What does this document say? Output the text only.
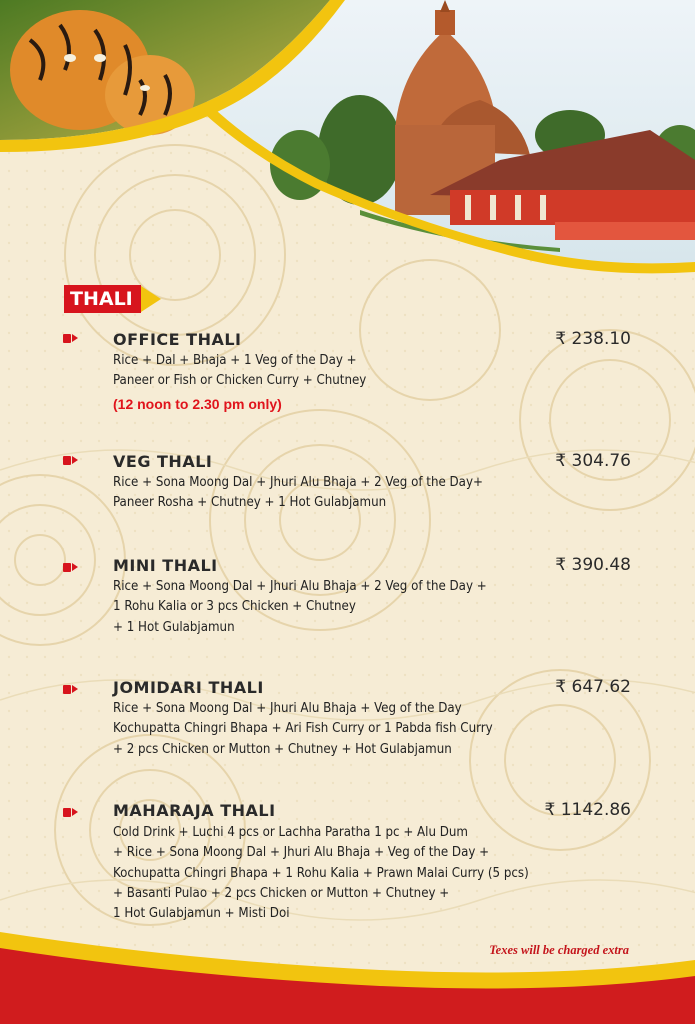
THALI
OFFICE THALI	₹ 238.10
Rice + Dal + Bhaja + 1 Veg of the Day +
Paneer or Fish or Chicken Curry + Chutney
(12 noon to 2.30 pm only)
VEG THALI	₹ 304.76
Rice + Sona Moong Dal + Jhuri Alu Bhaja + 2 Veg of the Day+
Paneer Rosha + Chutney + 1 Hot Gulabjamun
MINI THALI	₹ 390.48
Rice + Sona Moong Dal + Jhuri Alu Bhaja + 2 Veg of the Day +
1 Rohu Kalia or 3 pcs Chicken + Chutney
+ 1 Hot Gulabjamun
JOMIDARI THALI	₹ 647.62
Rice + Sona Moong Dal + Jhuri Alu Bhaja + Veg of the Day
Kochupatta Chingri Bhapa + Ari Fish Curry or 1 Pabda fish Curry
+ 2 pcs Chicken or Mutton + Chutney + Hot Gulabjamun
MAHARAJA THALI	₹ 1142.86
Cold Drink + Luchi 4 pcs or Lachha Paratha 1 pc + Alu Dum
+ Rice + Sona Moong Dal + Jhuri Alu Bhaja + Veg of the Day +
Kochupatta Chingri Bhapa + 1 Rohu Kalia + Prawn Malai Curry (5 pcs)
+ Basanti Pulao + 2 pcs Chicken or Mutton + Chutney +
1 Hot Gulabjamun + Misti Doi
Texes will be charged extra
